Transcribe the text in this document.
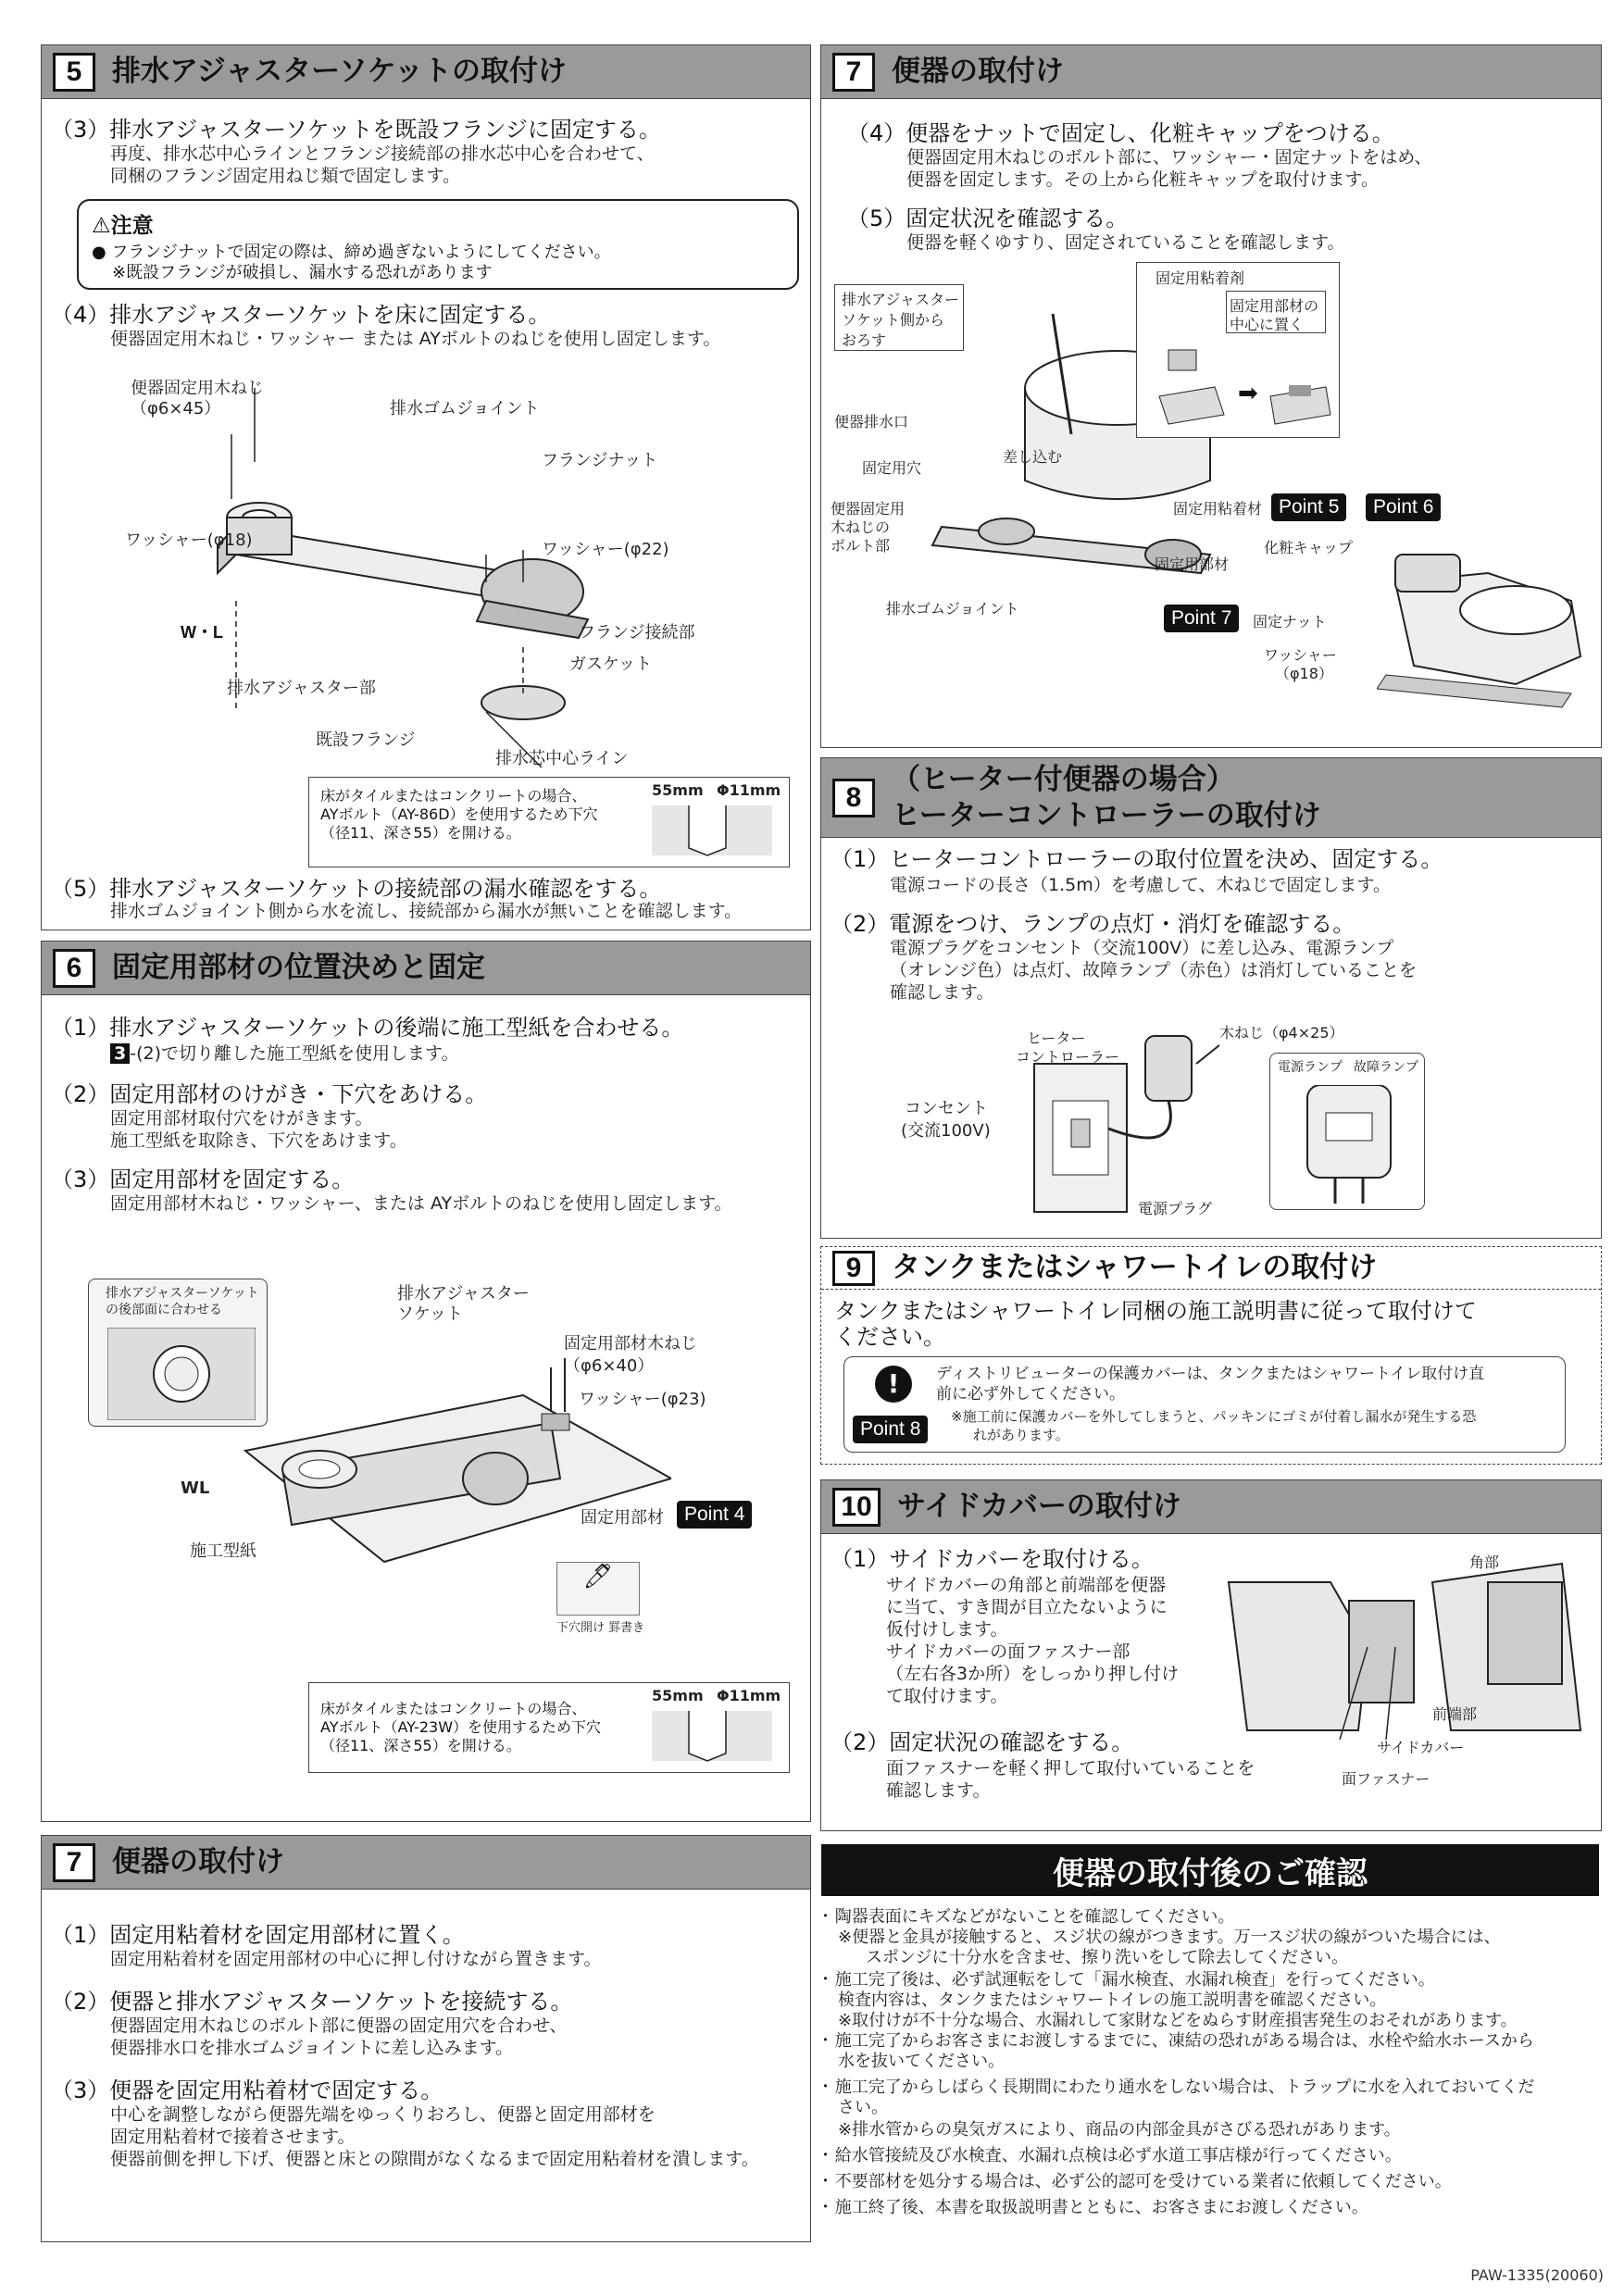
5	排水アジャスターソケットの取付け
（3）排水アジャスターソケットを既設フランジに固定する。
再度、排水芯中心ラインとフランジ接続部の排水芯中心を合わせて、
同梱のフランジ固定用ねじ類で固定します。
⚠注意
● フランジナットで固定の際は、締め過ぎないようにしてください。
※既設フランジが破損し、漏水する恐れがあります
（4）排水アジャスターソケットを床に固定する。
便器固定用木ねじ・ワッシャー または AYボルトのねじを使用し固定します。
W・L
便器固定用木ねじ
（φ6×45）	排水ゴムジョイント
フランジナット
ワッシャー(φ18)	ワッシャー(φ22)
フランジ接続部
ガスケット
排水アジャスター部
既設フランジ
排水芯中心ライン
床がタイルまたはコンクリートの場合、
AYボルト（AY-86D）を使用するため下穴
（径11、深さ55）を開ける。
55mm Φ11mm
（5）排水アジャスターソケットの接続部の漏水確認をする。
排水ゴムジョイント側から水を流し、接続部から漏水が無いことを確認します。
6	固定用部材の位置決めと固定
（1）排水アジャスターソケットの後端に施工型紙を合わせる。
3 -(2)で切り離した施工型紙を使用します。
（2）固定用部材のけがき・下穴をあける。
固定用部材取付穴をけがきます。
施工型紙を取除き、下穴をあけます。
（3）固定用部材を固定する。
固定用部材木ねじ・ワッシャー、または AYボルトのねじを使用し固定します。
排水アジャスターソケット
の後部面に合わせる
排水アジャスター
ソケット
固定用部材木ねじ
（φ6×40）
ワッシャー(φ23)
WL
固定用部材	Point 4
施工型紙
🖊
下穴開け 罫書き
床がタイルまたはコンクリートの場合、
AYボルト（AY-23W）を使用するため下穴
（径11、深さ55）を開ける。
55mm Φ11mm
7	便器の取付け
（1）固定用粘着材を固定用部材に置く。
固定用粘着材を固定用部材の中心に押し付けながら置きます。
（2）便器と排水アジャスターソケットを接続する。
便器固定用木ねじのボルト部に便器の固定用穴を合わせ、
便器排水口を排水ゴムジョイントに差し込みます。
（3）便器を固定用粘着材で固定する。
中心を調整しながら便器先端をゆっくりおろし、便器と固定用部材を
固定用粘着材で接着させます。
便器前側を押し下げ、便器と床との隙間がなくなるまで固定用粘着材を潰します。
7	便器の取付け
（4）便器をナットで固定し、化粧キャップをつける。
便器固定用木ねじのボルト部に、ワッシャー・固定ナットをはめ、
便器を固定します。その上から化粧キャップを取付けます。
（5）固定状況を確認する。
便器を軽くゆすり、固定されていることを確認します。
排水アジャスター
ソケット側から
おろす
固定用粘着剤
固定用部材の
中心に置く
➡
便器排水口
差し込む
固定用穴
便器固定用
木ねじの
ボルト部
固定用粘着材 Point 5	Point 6
固定用部材
化粧キャップ
排水ゴムジョイント	Point 7	固定ナット
ワッシャー
（φ18）
8
（ヒーター付便器の場合）
ヒーターコントローラーの取付け
（1）ヒーターコントローラーの取付位置を決め、固定する。
電源コードの長さ（1.5m）を考慮して、木ねじで固定します。
（2）電源をつけ、ランプの点灯・消灯を確認する。
電源プラグをコンセント（交流100V）に差し込み、電源ランプ
（オレンジ色）は点灯、故障ランプ（赤色）は消灯していることを
確認します。
ヒーター
コントローラー
木ねじ（φ4×25）
コンセント
(交流100V)
電源プラグ
電源ランプ 故障ランプ
9	タンクまたはシャワートイレの取付け
タンクまたはシャワートイレ同梱の施工説明書に従って取付けて
ください。
!
Point 8
ディストリビューターの保護カバーは、タンクまたはシャワートイレ取付け直
前に必ず外してください。
※施工前に保護カバーを外してしまうと、パッキンにゴミが付着し漏水が発生する恐
れがあります。
10 サイドカバーの取付け
（1）サイドカバーを取付ける。
サイドカバーの角部と前端部を便器
に当て、すき間が目立たないように
仮付けします。
サイドカバーの面ファスナー部
（左右各3か所）をしっかり押し付け
て取付けます。
（2）固定状況の確認をする。
面ファスナーを軽く押して取付いていることを
確認します。
角部
前端部
サイドカバー
面ファスナー
便器の取付後のご確認
･ 陶器表面にキズなどがないことを確認してください。
※便器と金具が接触すると、スジ状の線がつきます。万一スジ状の線がついた場合には、
スポンジに十分水を含ませ、擦り洗いをして除去してください。
･ 施工完了後は、必ず試運転をして「漏水検査、水漏れ検査」を行ってください。
検査内容は、タンクまたはシャワートイレの施工説明書を確認ください。
※取付けが不十分な場合、水漏れして家財などをぬらす財産損害発生のおそれがあります。
･ 施工完了からお客さまにお渡しするまでに、凍結の恐れがある場合は、水栓や給水ホースから
水を抜いてください。
･ 施工完了からしばらく長期間にわたり通水をしない場合は、トラップに水を入れておいてくだ
さい。
※排水管からの臭気ガスにより、商品の内部金具がさびる恐れがあります。
･ 給水管接続及び水検査、水漏れ点検は必ず水道工事店様が行ってください。
･ 不要部材を処分する場合は、必ず公的認可を受けている業者に依頼してください。
･ 施工終了後、本書を取扱説明書とともに、お客さまにお渡しください。
PAW-1335(20060)
